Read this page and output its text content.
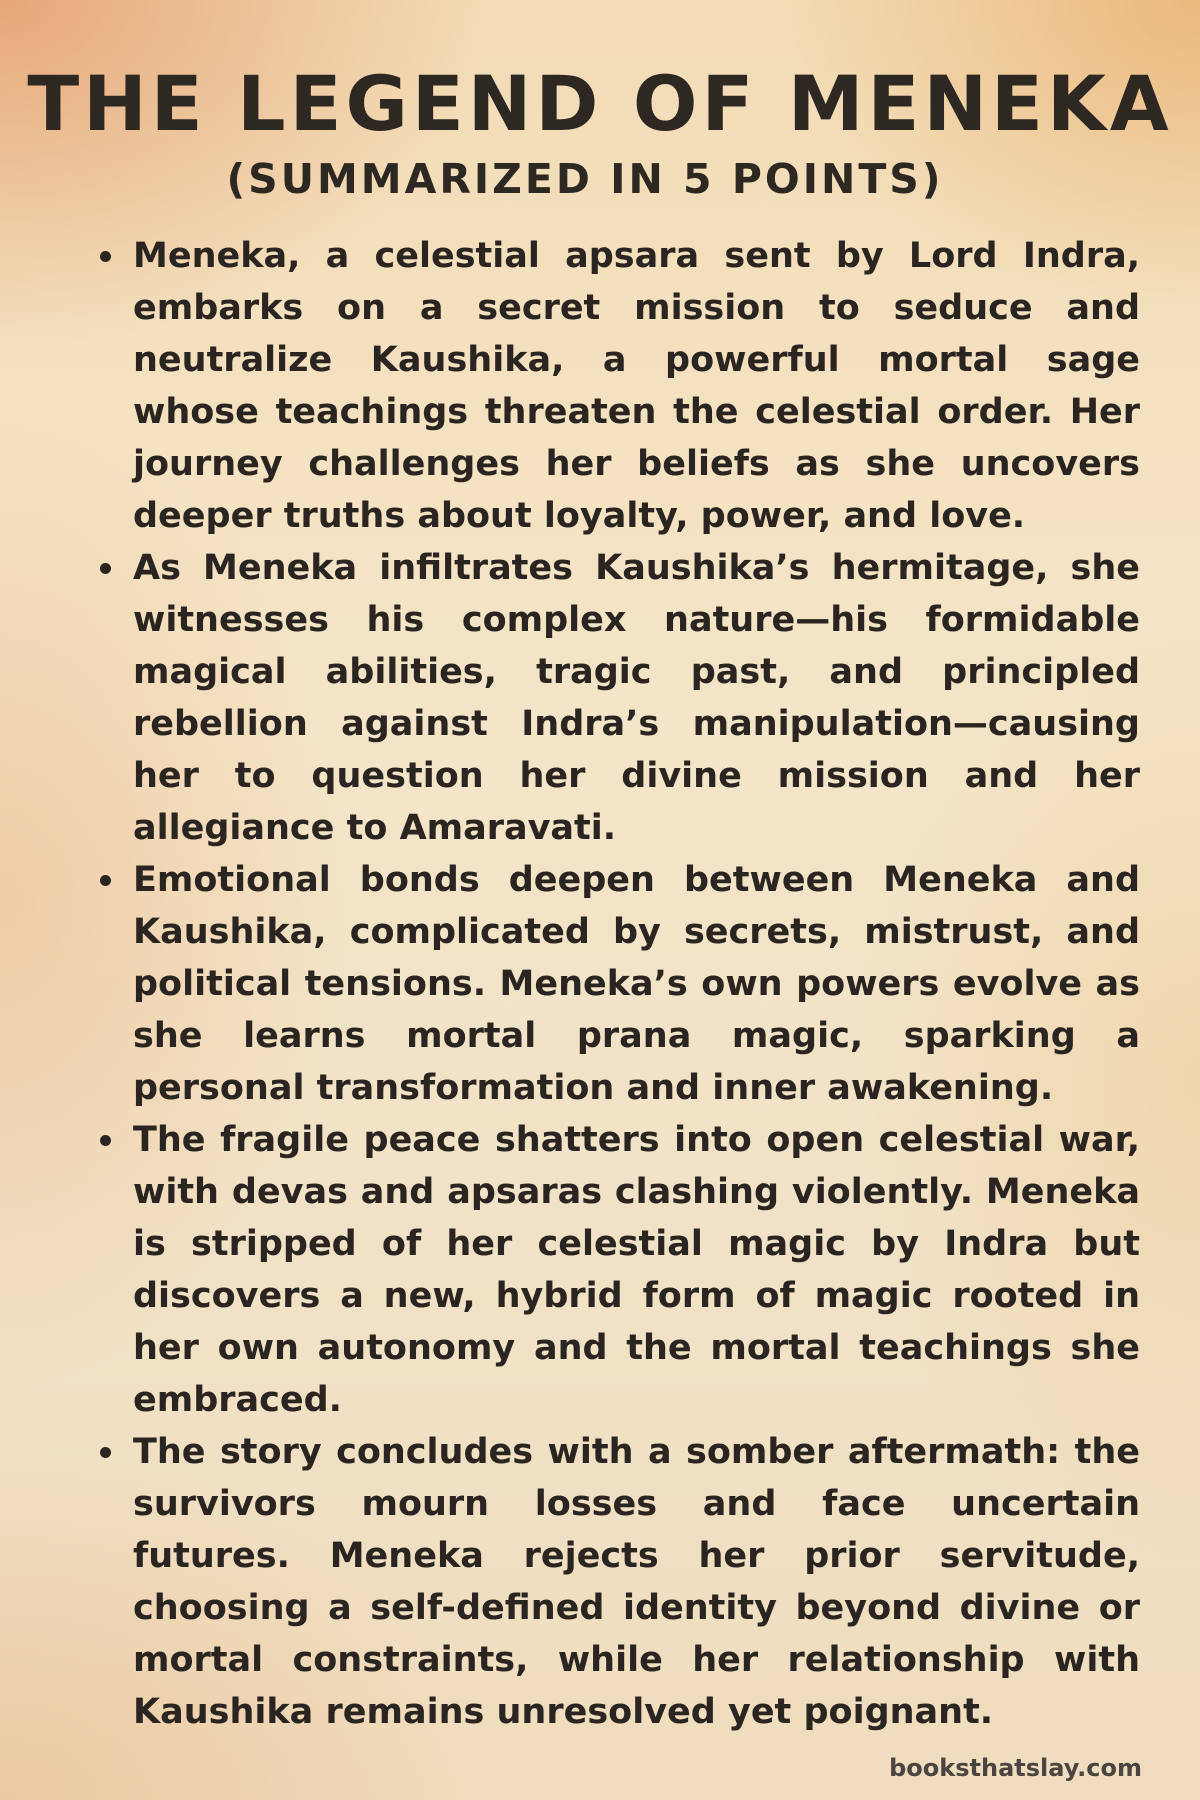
THE LEGEND OF MENEKA
(SUMMARIZED IN 5 POINTS)
Meneka, a celestial apsara sent by Lord Indra, embarks on a secret mission to seduce and neutralize Kaushika, a powerful mortal sage whose teachings threaten the celestial order. Her journey challenges her beliefs as she uncovers deeper truths about loyalty, power, and love.
As Meneka infiltrates Kaushika’s hermitage, she witnesses his complex nature—his formidable magical abilities, tragic past, and principled rebellion against Indra’s manipulation—causing her to question her divine mission and her allegiance to Amaravati.
Emotional bonds deepen between Meneka and Kaushika, complicated by secrets, mistrust, and political tensions. Meneka’s own powers evolve as she learns mortal prana magic, sparking a personal transformation and inner awakening.
The fragile peace shatters into open celestial war, with devas and apsaras clashing violently. Meneka is stripped of her celestial magic by Indra but discovers a new, hybrid form of magic rooted in her own autonomy and the mortal teachings she embraced.
The story concludes with a somber aftermath: the survivors mourn losses and face uncertain futures. Meneka rejects her prior servitude, choosing a self-defined identity beyond divine or mortal constraints, while her relationship with Kaushika remains unresolved yet poignant.
booksthatslay.com
